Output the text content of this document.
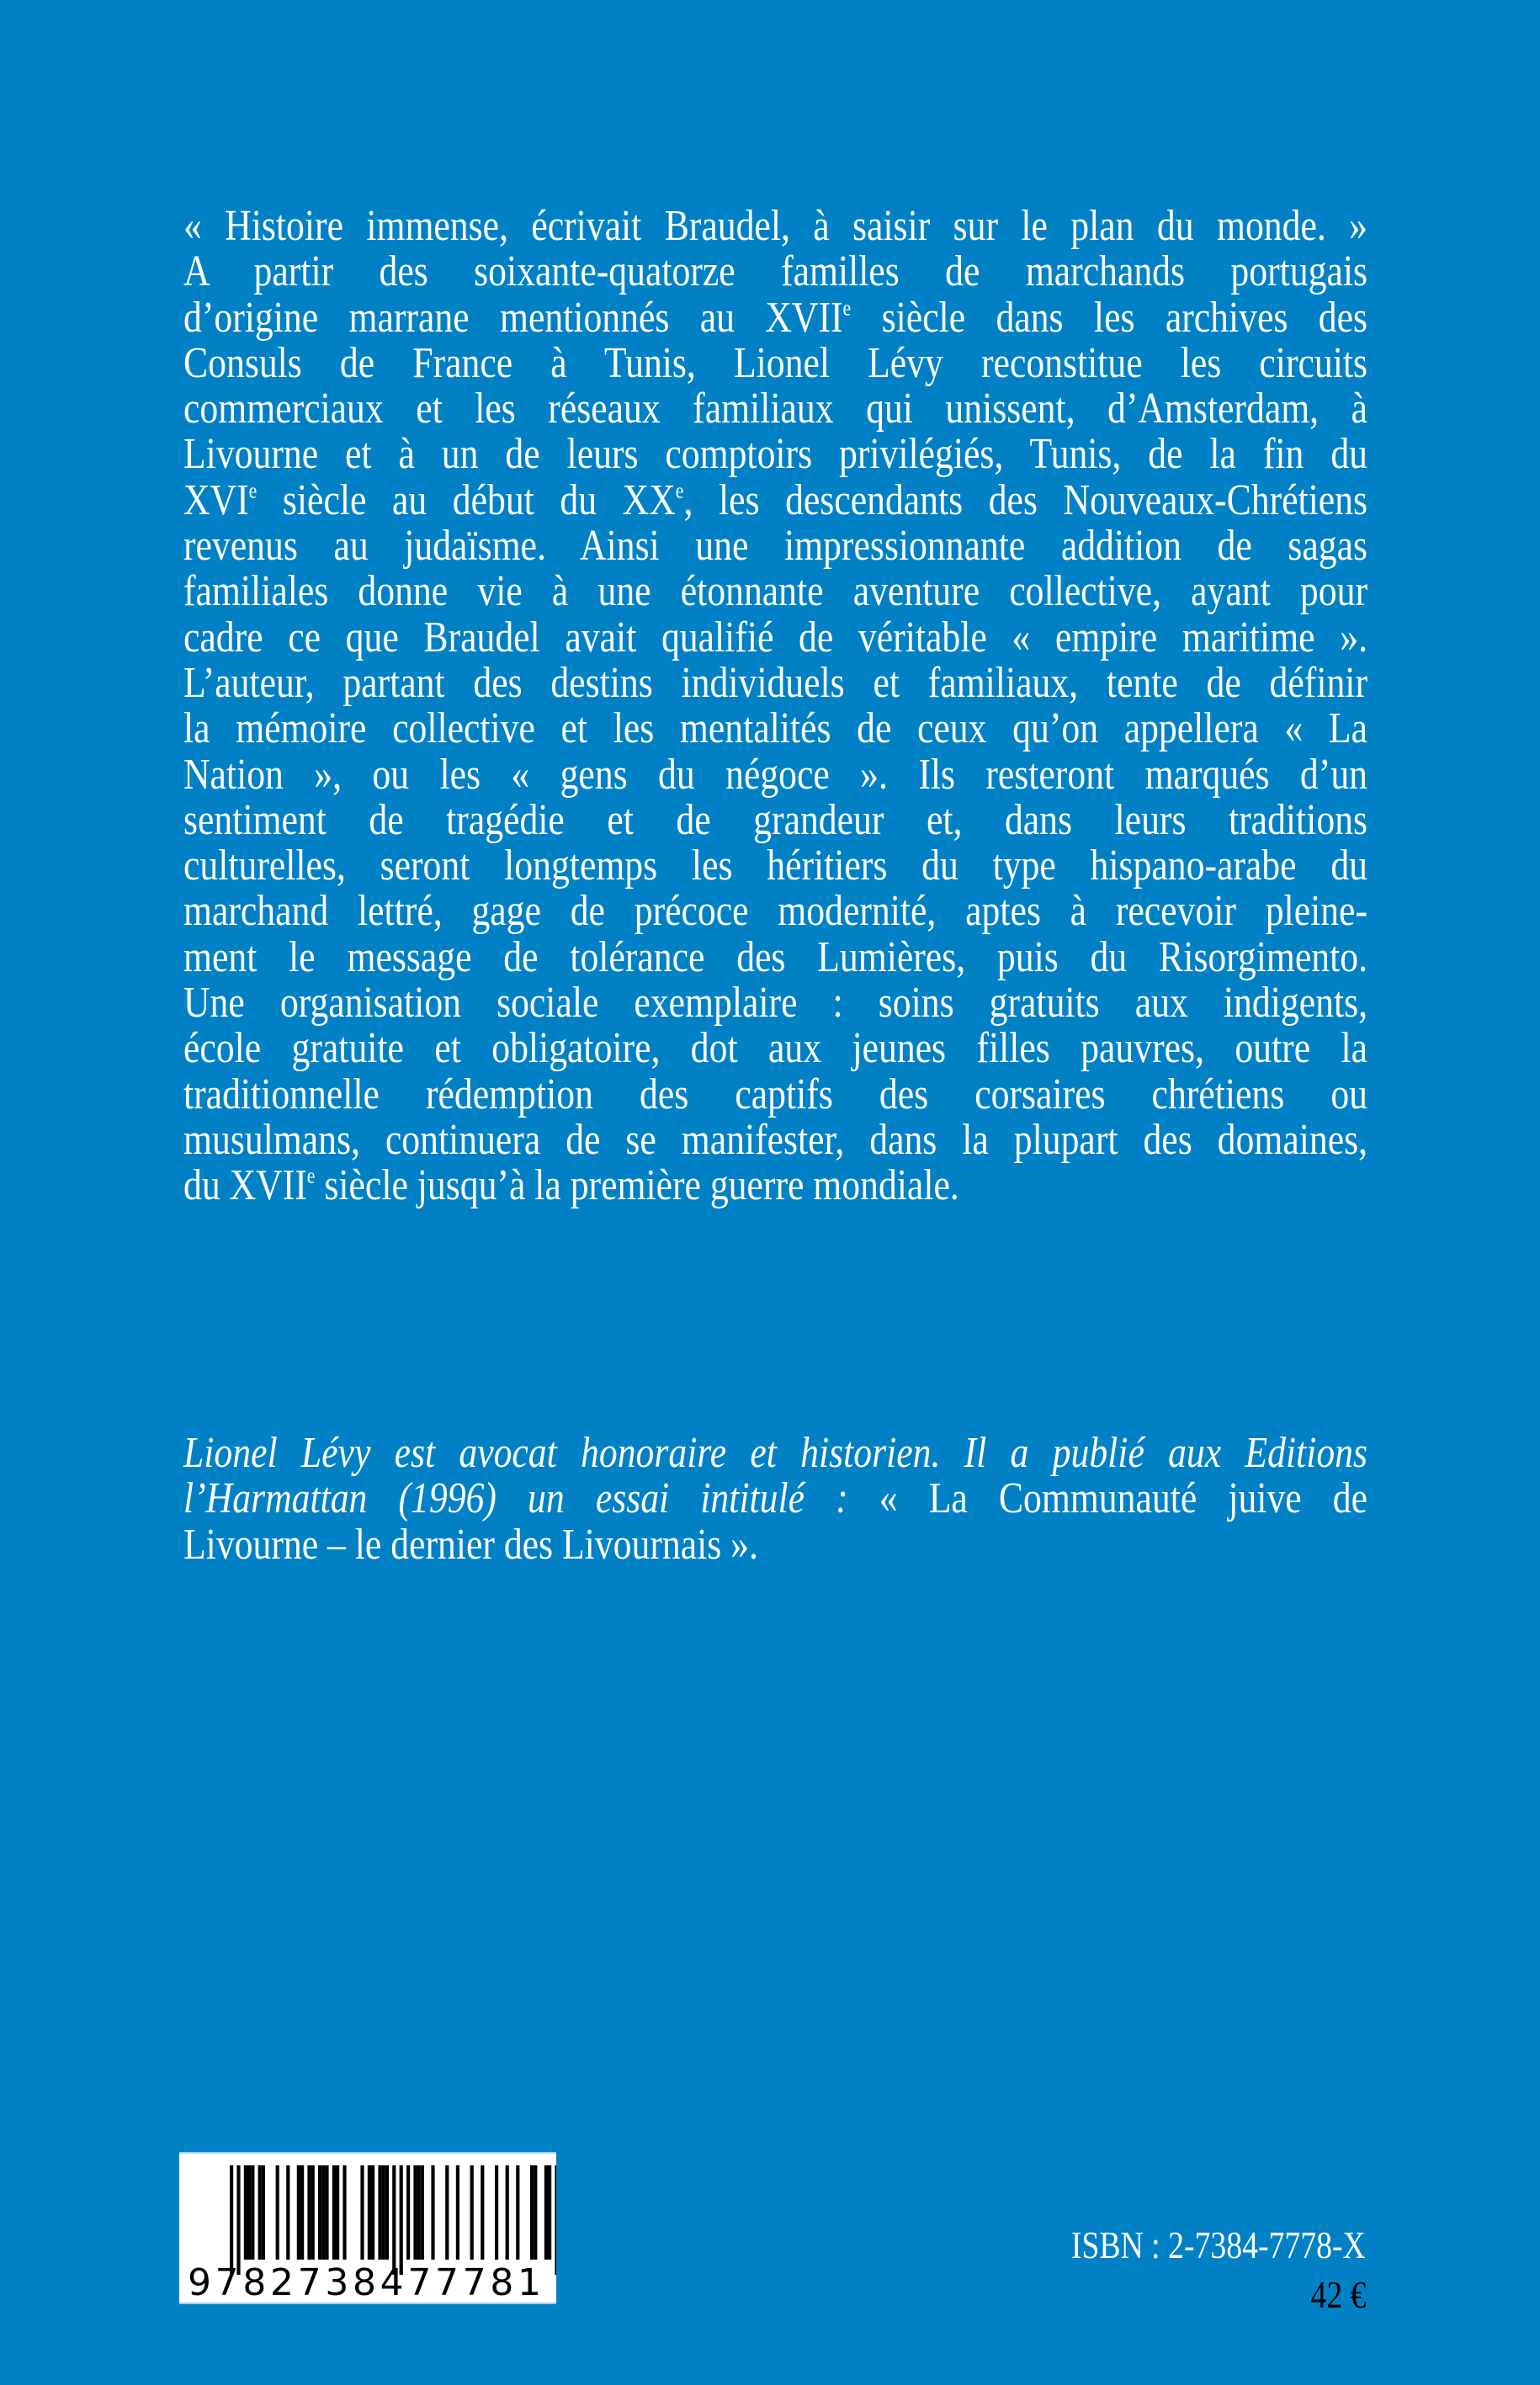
« Histoire immense, écrivait Braudel, à saisir sur le plan du monde. »
A partir des soixante-quatorze familles de marchands portugais
d’origine marrane mentionnés au XVIIe siècle dans les archives des
Consuls de France à Tunis, Lionel Lévy reconstitue les circuits
commerciaux et les réseaux familiaux qui unissent, d’Amsterdam, à
Livourne et à un de leurs comptoirs privilégiés, Tunis, de la fin du
XVIe siècle au début du XXe, les descendants des Nouveaux-Chrétiens
revenus au judaïsme. Ainsi une impressionnante addition de sagas
familiales donne vie à une étonnante aventure collective, ayant pour
cadre ce que Braudel avait qualifié de véritable « empire maritime ».
L’auteur, partant des destins individuels et familiaux, tente de définir
la mémoire collective et les mentalités de ceux qu’on appellera « La
Nation », ou les « gens du négoce ». Ils resteront marqués d’un
sentiment de tragédie et de grandeur et, dans leurs traditions
culturelles, seront longtemps les héritiers du type hispano-arabe du
marchand lettré, gage de précoce modernité, aptes à recevoir pleine-
ment le message de tolérance des Lumières, puis du Risorgimento.
Une organisation sociale exemplaire : soins gratuits aux indigents,
école gratuite et obligatoire, dot aux jeunes filles pauvres, outre la
traditionnelle rédemption des captifs des corsaires chrétiens ou
musulmans, continuera de se manifester, dans la plupart des domaines,
du XVIIe siècle jusqu’à la première guerre mondiale.
Lionel Lévy est avocat honoraire et historien. Il a publié aux Editions
l’Harmattan (1996) un essai intitulé : « La Communauté juive de
Livourne – le dernier des Livournais ».
9782738477781
ISBN : 2-7384-7778-X
42 €
